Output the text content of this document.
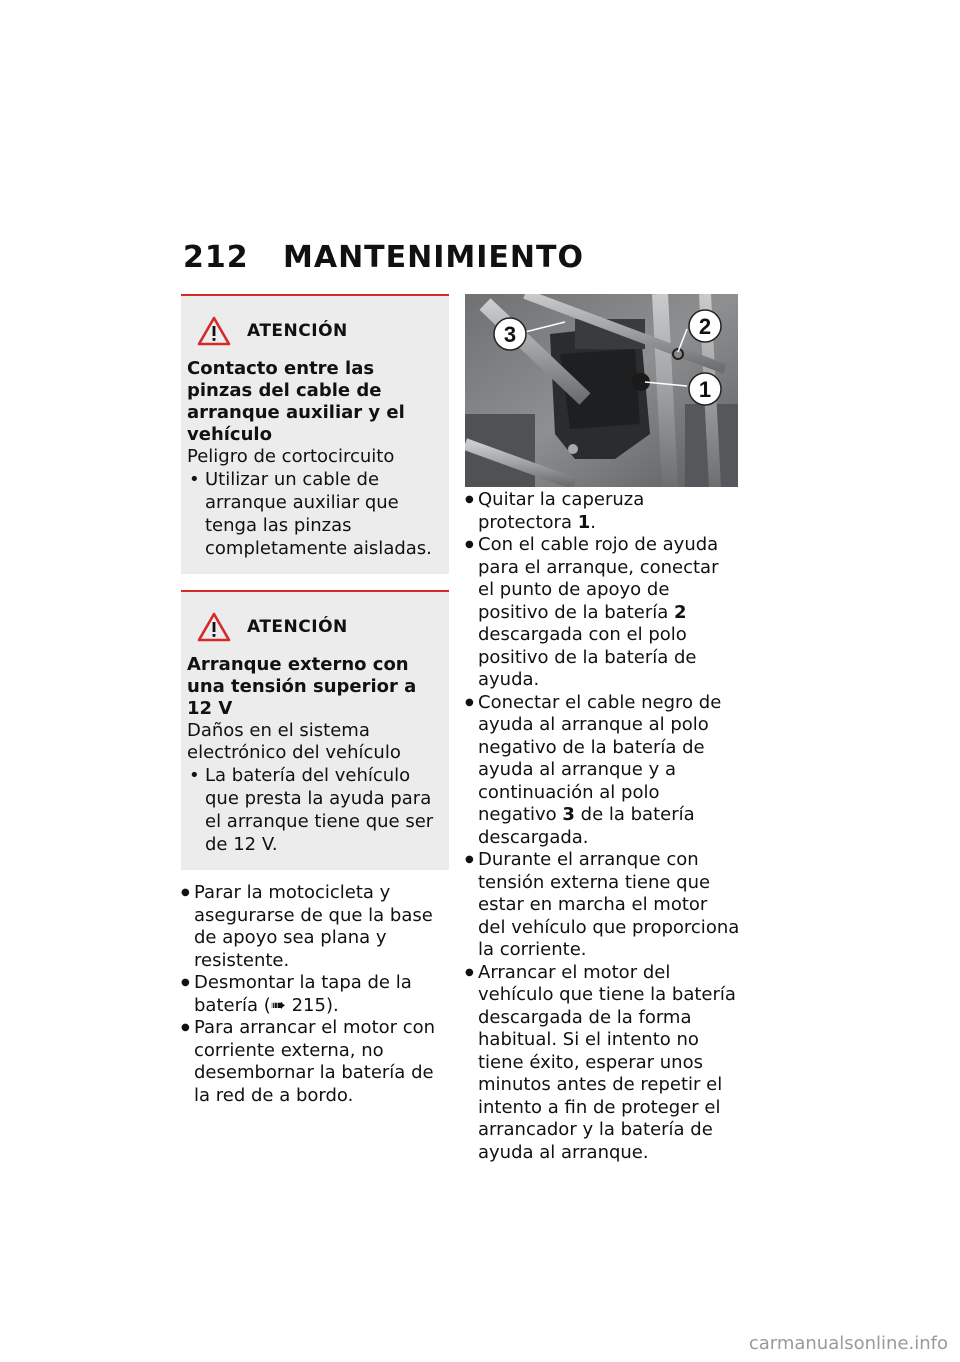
212 MANTENIMIENTO
ATENCIÓN
Contacto entre las pinzas del cable de arranque auxiliar y el vehículo
Peligro de cortocircuito
• Utilizar un cable de arranque auxiliar que tenga las pinzas completamente aisladas.
ATENCIÓN
Arranque externo con una tensión superior a 12 V
Daños en el sistema electrónico del vehículo
• La batería del vehículo que presta la ayuda para el arranque tiene que ser de 12 V.
● Parar la motocicleta y asegurarse de que la base de apoyo sea plana y resistente.
● Desmontar la tapa de la batería (➠ 215).
● Para arrancar el motor con corriente externa, no desembornar la batería de la red de a bordo.
3	2
1
● Quitar la caperuza protectora 1.
● Con el cable rojo de ayuda para el arranque, conectar el punto de apoyo de positivo de la batería 2 descargada con el polo positivo de la batería de ayuda.
● Conectar el cable negro de ayuda al arranque al polo negativo de la batería de ayuda al arranque y a continuación al polo negativo 3 de la batería descargada.
● Durante el arranque con tensión externa tiene que estar en marcha el motor del vehículo que proporciona la corriente.
● Arrancar el motor del vehículo que tiene la batería descargada de la forma habitual. Si el intento no tiene éxito, esperar unos minutos antes de repetir el intento a fin de proteger el arrancador y la batería de ayuda al arranque.
carmanualsonline.info
